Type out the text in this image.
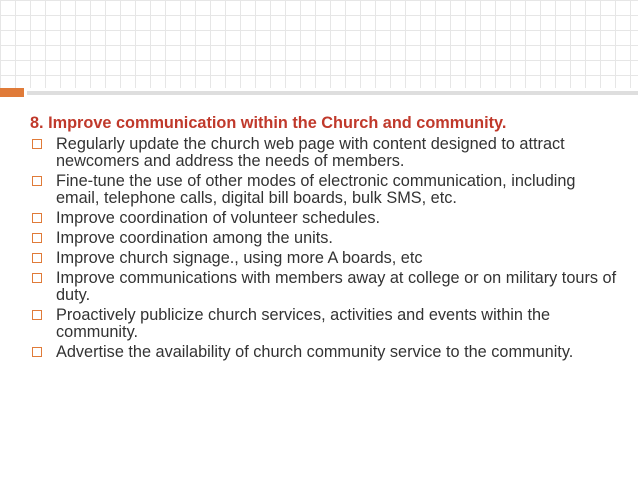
8. Improve communication within the Church and community.
Regularly update the church web page with content designed to attract newcomers and address the needs of members.
Fine-tune the use of other modes of electronic communication, including email, telephone calls, digital bill boards, bulk SMS, etc.
Improve coordination of volunteer schedules.
Improve coordination among the units.
Improve church signage., using more A boards, etc
Improve communications with members away at college or on military tours of duty.
Proactively publicize church services, activities and events within the community.
Advertise the availability of church community service to the community.
